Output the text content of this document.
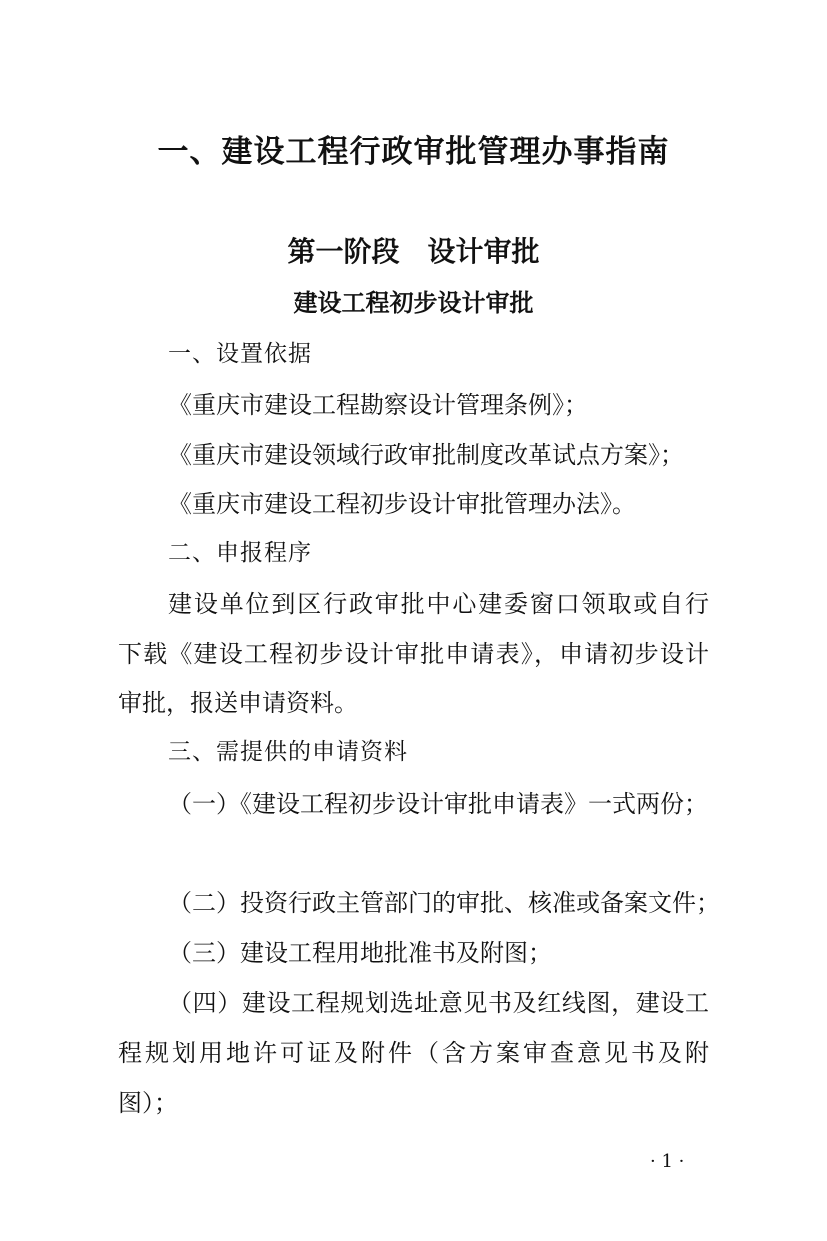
一、建设工程行政审批管理办事指南
第一阶段　设计审批
建设工程初步设计审批
一、设置依据
《重庆市建设工程勘察设计管理条例》；
《重庆市建设领域行政审批制度改革试点方案》；
《重庆市建设工程初步设计审批管理办法》。
二、申报程序
建设单位到区行政审批中心建委窗口领取或自行
下载《建设工程初步设计审批申请表》，申请初步设计
审批，报送申请资料。
三、需提供的申请资料
（一）《建设工程初步设计审批申请表》一式两份；
（二）投资行政主管部门的审批、核准或备案文件；
（三）建设工程用地批准书及附图；
（四）建设工程规划选址意见书及红线图，建设工
程规划用地许可证及附件（含方案审查意见书及附
图）；
· 1 ·
